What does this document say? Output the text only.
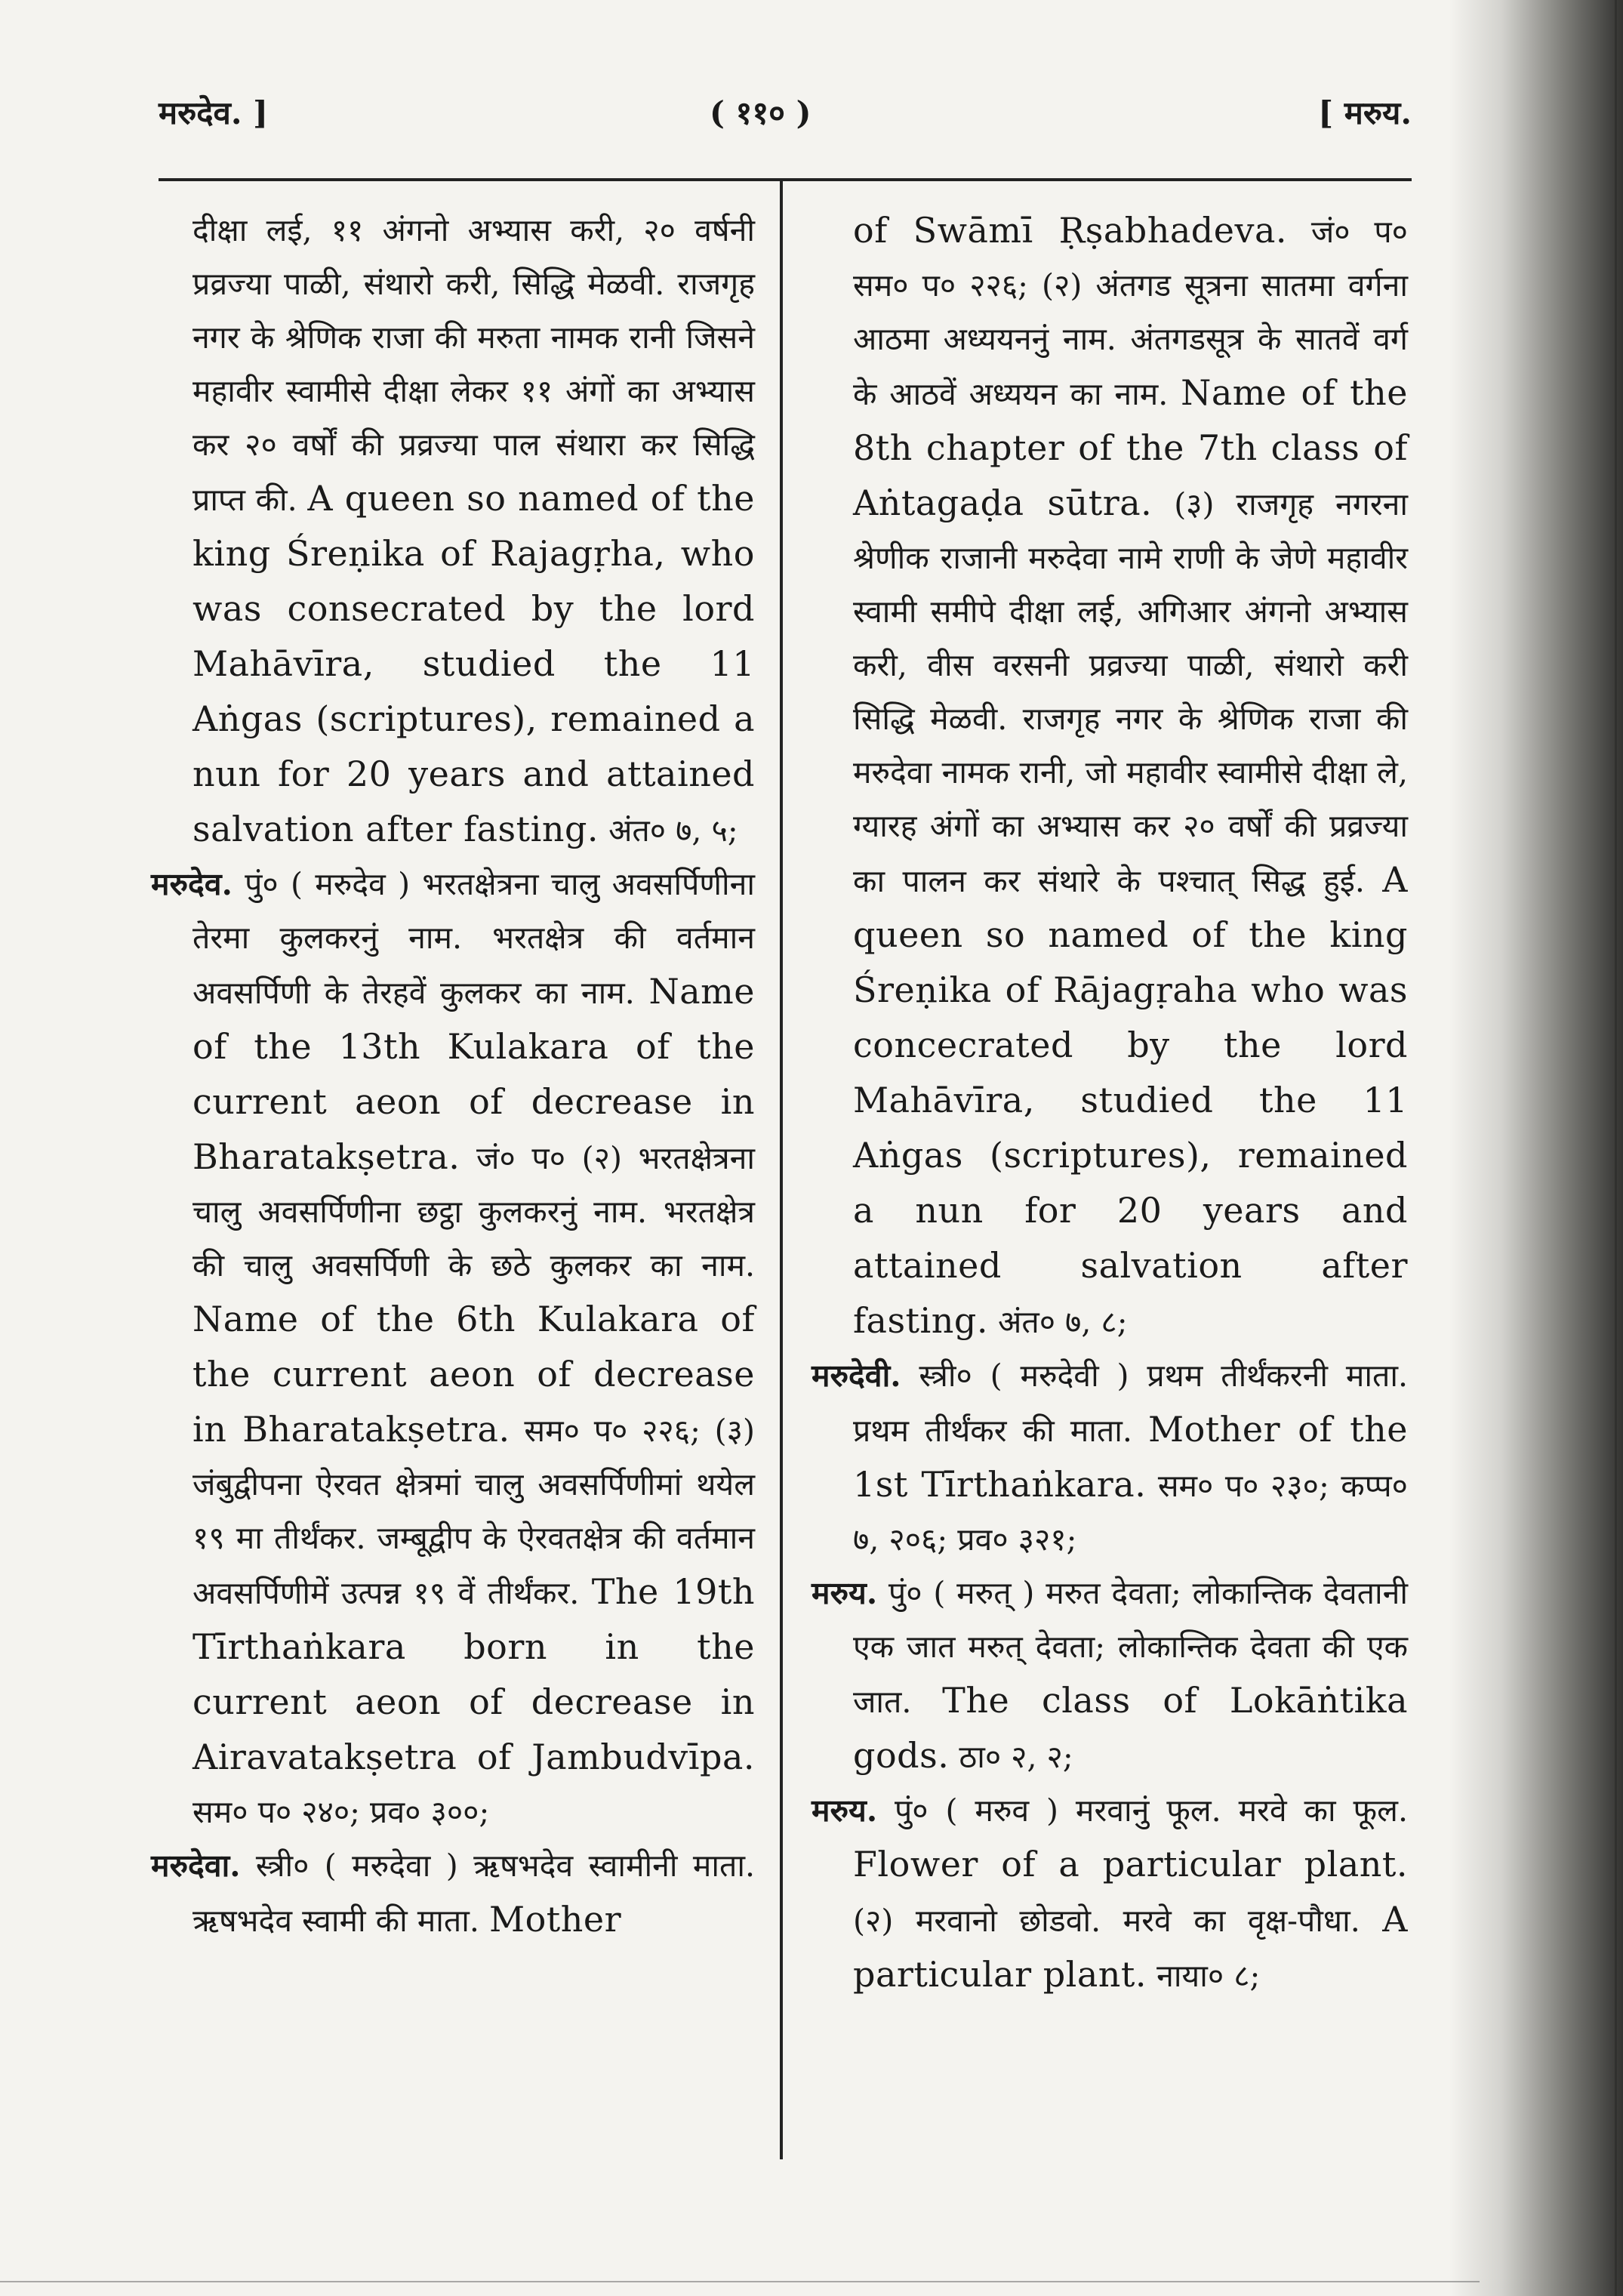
मरुदेव. ]	( ११० )	[ मरुय.

दीक्षा लई, ११ अंगनो अभ्यास करी, २० वर्षनी प्रव्रज्या पाळी, संथारो करी, सिद्धि मेळवी. राजगृह नगर के श्रेणिक राजा की मरुता नामक रानी जिसने महावीर स्वामीसे दीक्षा लेकर ११ अंगों का अभ्यास कर २० वर्षों की प्रव्रज्या पाल संथारा कर सिद्धि प्राप्त की. A queen so named of the king Śreṇika of Rajagṛha, who was consecrated by the lord Mahāvīra, studied the 11 Aṅgas (scriptures), remained a nun for 20 years and attained salvation after fasting. अंत० ७, ५;

मरुदेव. पुं० ( मरुदेव ) भरतक्षेत्रना चालु अवसर्पिणीना तेरमा कुलकरनुं नाम. भरतक्षेत्र की वर्तमान अवसर्पिणी के तेरहवें कुलकर का नाम. Name of the 13th Kulakara of the current aeon of decrease in Bharatakṣetra. जं० प० (२) भरतक्षेत्रना चालु अवसर्पिणीना छट्ठा कुलकरनुं नाम. भरतक्षेत्र की चालु अवसर्पिणी के छठे कुलकर का नाम. Name of the 6th Kulakara of the current aeon of decrease in Bharatakṣetra. सम० प० २२६; (३) जंबुद्वीपना ऐरवत क्षेत्रमां चालु अवसर्पिणीमां थयेल १९ मा तीर्थंकर. जम्बूद्वीप के ऐरवतक्षेत्र की वर्तमान अवसर्पिणीमें उत्पन्न १९ वें तीर्थंकर. The 19th Tīrthaṅkara born in the current aeon of decrease in Airavatakṣetra of Jambudvīpa. सम० प० २४०; प्रव० ३००;

मरुदेवा. स्त्री० ( मरुदेवा ) ऋषभदेव स्वामीनी माता. ऋषभदेव स्वामी की माता. Mother

of Swāmī Ṛṣabhadeva. जं० प० सम० प० २२६; (२) अंतगड सूत्रना सातमा वर्गना आठमा अध्ययननुं नाम. अंतगडसूत्र के सातवें वर्ग के आठवें अध्ययन का नाम. Name of the 8th chapter of the 7th class of Aṅtagaḍa sūtra. (३) राजगृह नगरना श्रेणीक राजानी मरुदेवा नामे राणी के जेणे महावीर स्वामी समीपे दीक्षा लई, अगिआर अंगनो अभ्यास करी, वीस वरसनी प्रव्रज्या पाळी, संथारो करी सिद्धि मेळवी. राजगृह नगर के श्रेणिक राजा की मरुदेवा नामक रानी, जो महावीर स्वामीसे दीक्षा ले, ग्यारह अंगों का अभ्यास कर २० वर्षों की प्रव्रज्या का पालन कर संथारे के पश्चात् सिद्ध हुई. A queen so named of the king Śreṇika of Rājagṛaha who was concecrated by the lord Mahāvīra, studied the 11 Aṅgas (scriptures), remained a nun for 20 years and attained salvation after fasting. अंत० ७, ८;

मरुदेवी. स्त्री० ( मरुदेवी ) प्रथम तीर्थंकरनी माता. प्रथम तीर्थंकर की माता. Mother of the 1st Tīrthaṅkara. सम० प० २३०; कप्प० ७, २०६; प्रव० ३२१;

मरुय. पुं० ( मरुत् ) मरुत देवता; लोकान्तिक देवतानी एक जात मरुत् देवता; लोकान्तिक देवता की एक जात. The class of Lokāṅtika gods. ठा० २, २;

मरुय. पुं० ( मरुव ) मरवानुं फूल. मरवे का फूल. Flower of a particular plant. (२) मरवानो छोडवो. मरवे का वृक्ष-पौधा. A particular plant. नाया० ८;
